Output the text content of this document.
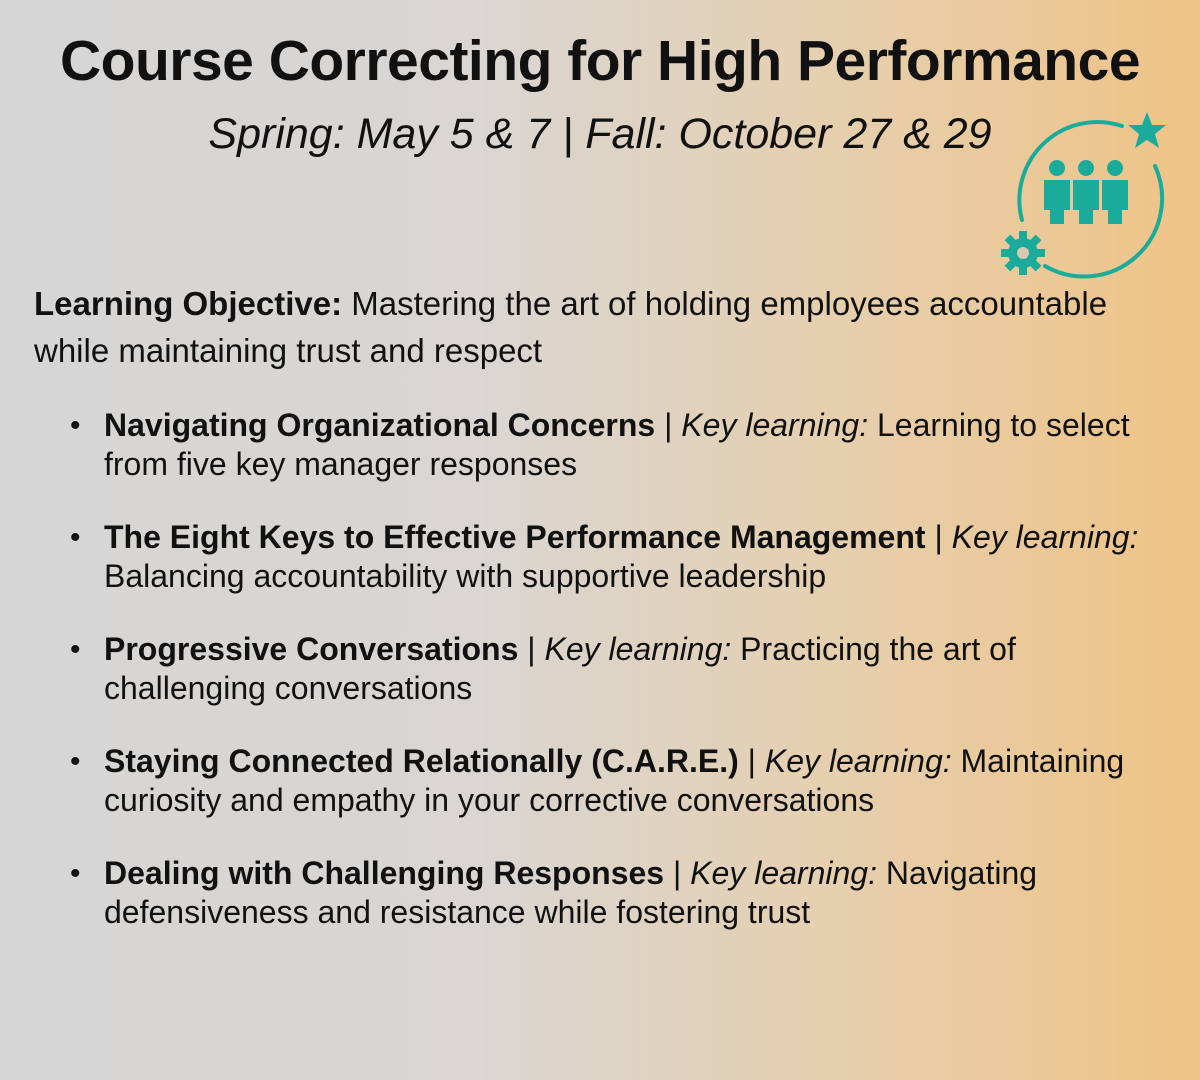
Course Correcting for High Performance

Spring: May 5 & 7 | Fall: October 27 & 29

Learning Objective: Mastering the art of holding employees accountable while maintaining trust and respect

• Navigating Organizational Concerns | Key learning: Learning to select from five key manager responses
• The Eight Keys to Effective Performance Management | Key learning: Balancing accountability with supportive leadership
• Progressive Conversations | Key learning: Practicing the art of challenging conversations
• Staying Connected Relationally (C.A.R.E.) | Key learning: Maintaining curiosity and empathy in your corrective conversations
• Dealing with Challenging Responses | Key learning: Navigating defensiveness and resistance while fostering trust
